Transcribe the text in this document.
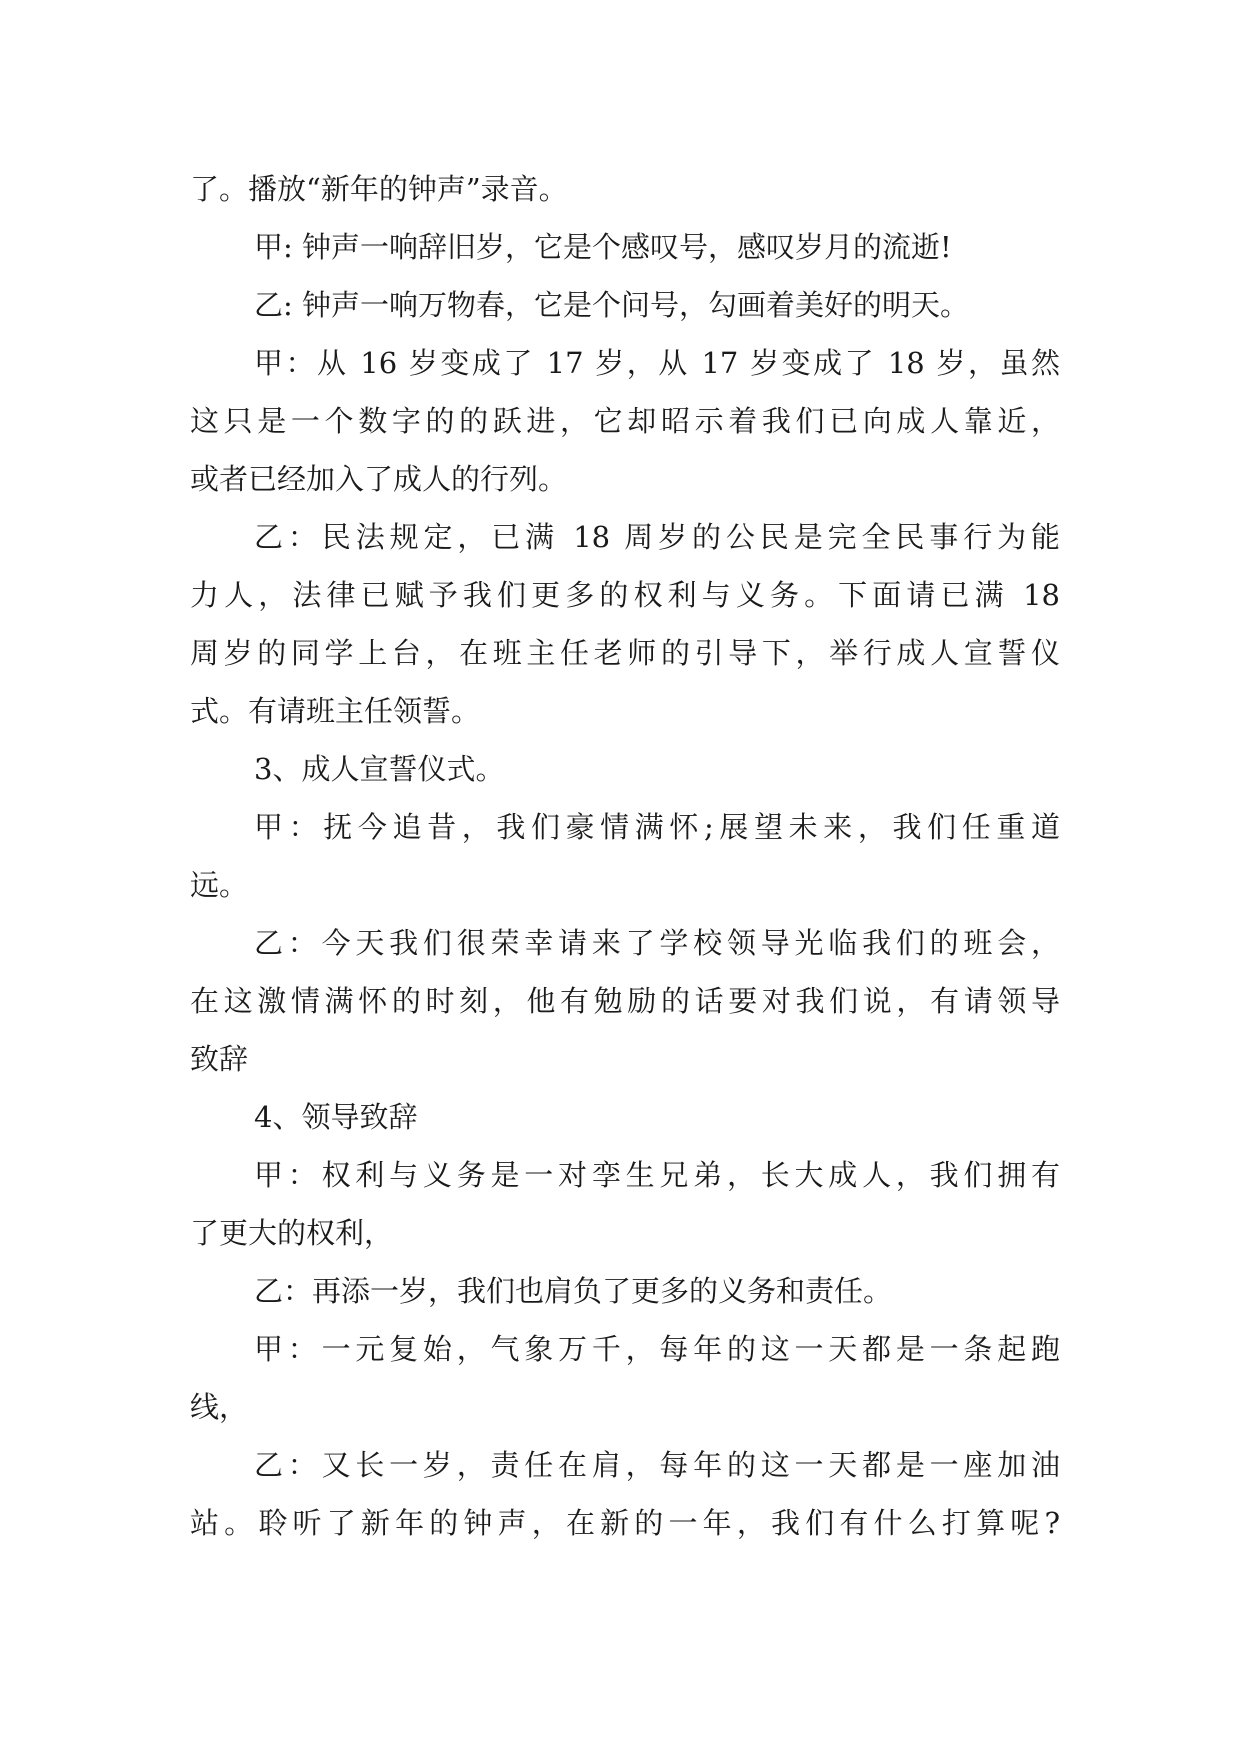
了。播放“新年的钟声”录音。
甲: 钟声一响辞旧岁，它是个感叹号，感叹岁月的流逝!
乙: 钟声一响万物春，它是个问号，勾画着美好的明天。
甲：从 16 岁变成了 17 岁，从 17 岁变成了 18 岁，虽然
这只是一个数字的的跃进，它却昭示着我们已向成人靠近，
或者已经加入了成人的行列。
乙：民法规定，已满 18 周岁的公民是完全民事行为能
力人，法律已赋予我们更多的权利与义务。下面请已满 18
周岁的同学上台，在班主任老师的引导下，举行成人宣誓仪
式。有请班主任领誓。
3、成人宣誓仪式。
甲：抚今追昔，我们豪情满怀;展望未来，我们任重道
远。
乙：今天我们很荣幸请来了学校领导光临我们的班会，
在这激情满怀的时刻，他有勉励的话要对我们说，有请领导
致辞
4、领导致辞
甲：权利与义务是一对孪生兄弟，长大成人，我们拥有
了更大的权利，
乙：再添一岁，我们也肩负了更多的义务和责任。
甲：一元复始，气象万千，每年的这一天都是一条起跑
线，
乙：又长一岁，责任在肩，每年的这一天都是一座加油
站。聆听了新年的钟声，在新的一年，我们有什么打算呢?
